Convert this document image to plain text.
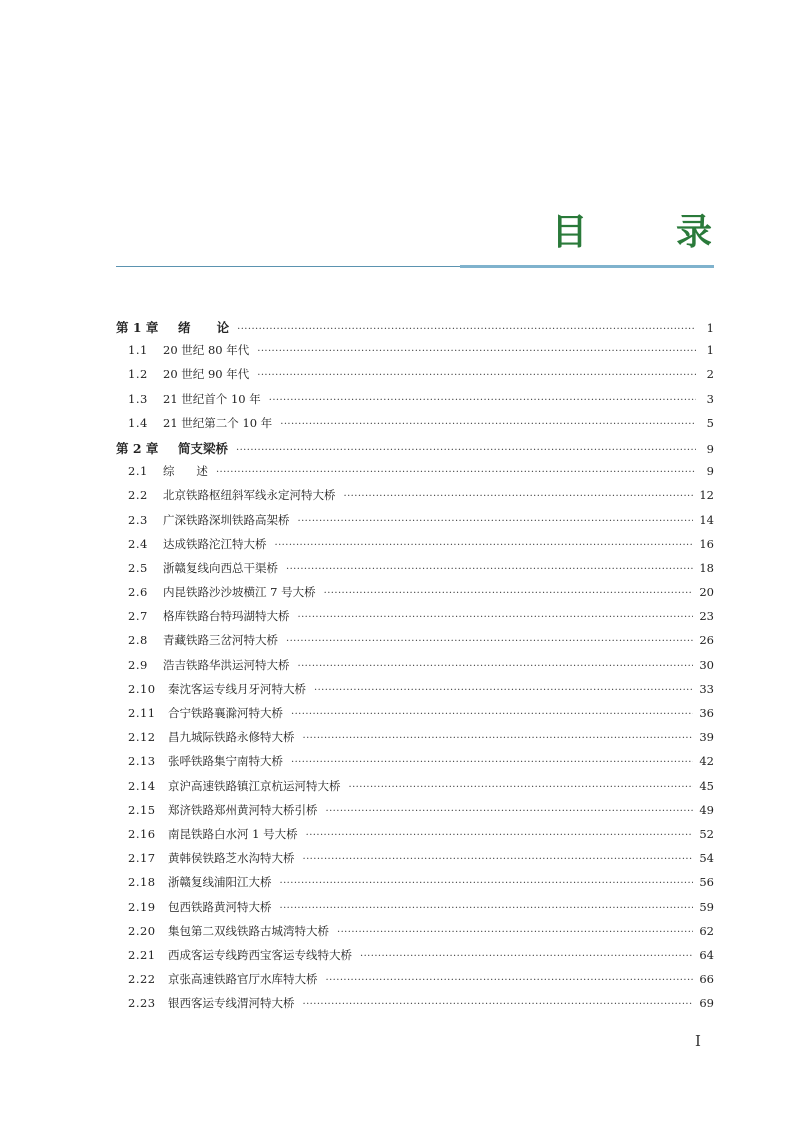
目 录
第 1 章	绪      论 ·····	1
1.1	20 世纪 80 年代 ·····	1
1.2	20 世纪 90 年代 ·····	2
1.3	21 世纪首个 10 年 ·····	3
1.4	21 世纪第二个 10 年 ·····	5
第 2 章	简支梁桥 ·····	9
2.1	综      述 ·····	9
2.2	北京铁路枢纽斜军线永定河特大桥 ·····	12
2.3	广深铁路深圳铁路高架桥 ·····	14
2.4	达成铁路沱江特大桥 ·····	16
2.5	浙赣复线向西总干渠桥 ·····	18
2.6	内昆铁路沙沙坡横江 7 号大桥 ·····	20
2.7	格库铁路台特玛湖特大桥 ·····	23
2.8	青藏铁路三岔河特大桥 ·····	26
2.9	浩吉铁路华洪运河特大桥 ·····	30
2.10	秦沈客运专线月牙河特大桥 ·····	33
2.11	合宁铁路襄滁河特大桥 ·····	36
2.12	昌九城际铁路永修特大桥 ·····	39
2.13	张呼铁路集宁南特大桥 ·····	42
2.14	京沪高速铁路镇江京杭运河特大桥 ·····	45
2.15	郑济铁路郑州黄河特大桥引桥 ·····	49
2.16	南昆铁路白水河 1 号大桥 ·····	52
2.17	黄韩侯铁路芝水沟特大桥 ·····	54
2.18	浙赣复线浦阳江大桥 ·····	56
2.19	包西铁路黄河特大桥 ·····	59
2.20	集包第二双线铁路古城湾特大桥 ·····	62
2.21	西成客运专线跨西宝客运专线特大桥 ·····	64
2.22	京张高速铁路官厅水库特大桥 ·····	66
2.23	银西客运专线渭河特大桥 ·····	69
I
